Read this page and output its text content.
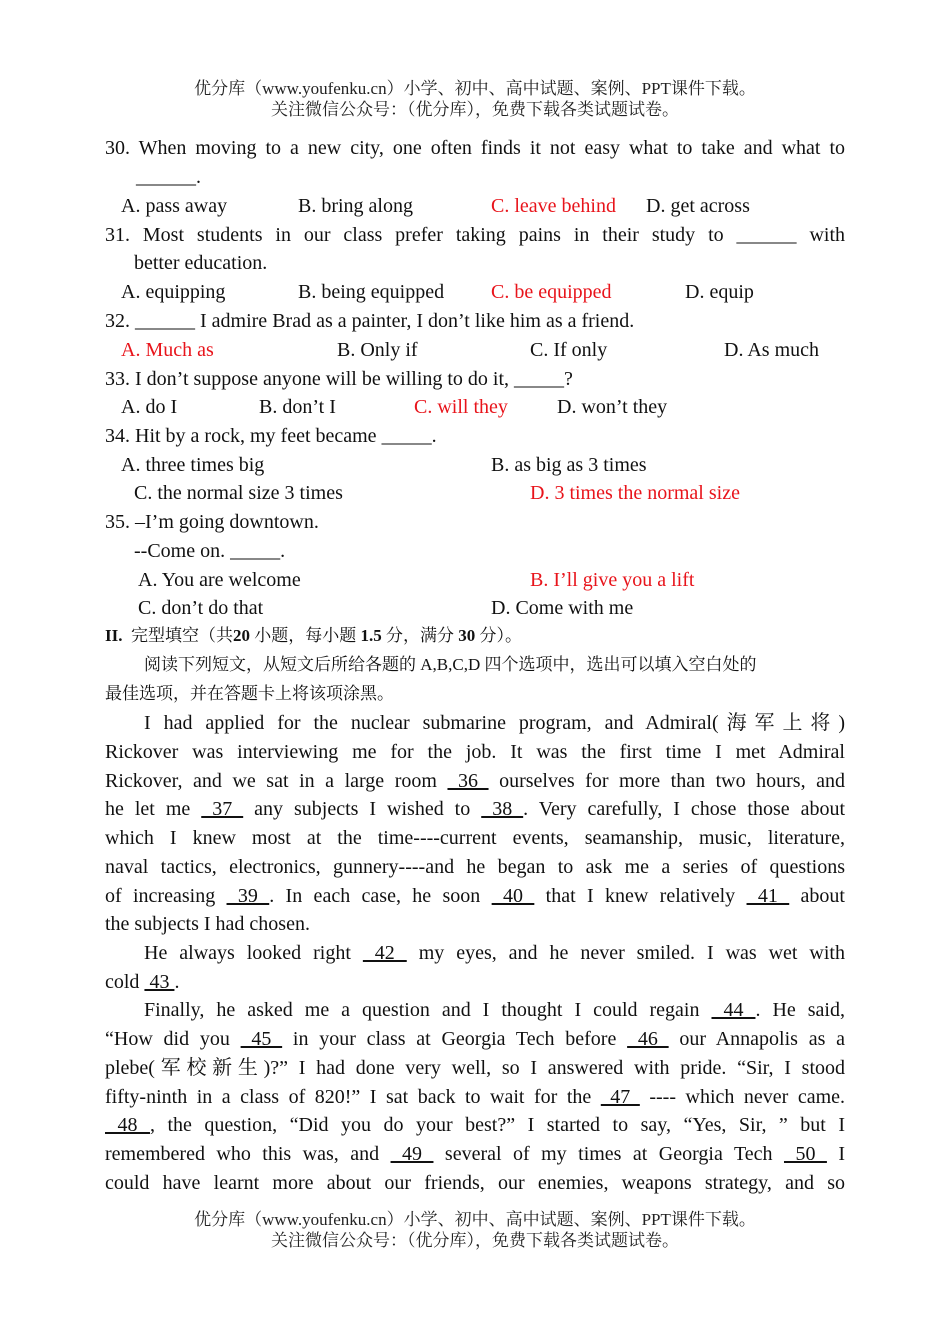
优分库（www.youfenku.cn）小学、初中、高中试题、案例、PPT课件下载。
关注微信公众号：（优分库），免费下载各类试题试卷。
30. When moving to a new city, one often finds it not easy what to take and what to
______.
A. pass away	B. bring along	C. leave behind D. get across
31. Most students in our class prefer taking pains in their study to ______ with
better education.
A. equipping	B. being equipped C. be equipped	D. equip
32. ______ I admire Brad as a painter, I don’t like him as a friend.
A. Much as	B. Only if	C. If only	D. As much
33. I don’t suppose anyone will be willing to do it, _____?
A. do I	B. don’t I	C. will they D. won’t they
34. Hit by a rock, my feet became _____.
A. three times big	B. as big as 3 times
C. the normal size 3 times	D. 3 times the normal size
35. –I’m going downtown.
--Come on. _____.
A. You are welcome	B. I’ll give you a lift
C. don’t do that	D. Come with me
II. 完型填空（共20 小题，每小题 1.5 分，满分 30 分）。
阅读下列短文，从短文后所给各题的 A,B,C,D 四个选项中，选出可以填入空白处的
最佳选项，并在答题卡上将该项涂黑。
I had applied for the nuclear submarine program, and Admiral(海军上将)
Rickover was interviewing me for the job. It was the first time I met Admiral
Rickover, and we sat in a large room  36  ourselves for more than two hours, and
he let me  37  any subjects I wished to  38 . Very carefully, I chose those about
which I knew most at the time----current events, seamanship, music, literature,
naval tactics, electronics, gunnery----and he began to ask me a series of questions
of increasing  39 . In each case, he soon  40  that I knew relatively  41  about
the subjects I had chosen.
He always looked right  42  my eyes, and he never smiled. I was wet with
cold  43 .
Finally, he asked me a question and I thought I could regain  44 . He said,
“How did you  45  in your class at Georgia Tech before  46  our Annapolis as a
plebe(军校新生)?” I had done very well, so I answered with pride. “Sir, I stood
fifty-ninth in a class of 820!” I sat back to wait for the  47  ---- which never came.
48 , the question, “Did you do your best?” I started to say, “Yes, Sir, ” but I
remembered who this was, and  49  several of my times at Georgia Tech  50  I
could have learnt more about our friends, our enemies, weapons strategy, and so
优分库（www.youfenku.cn）小学、初中、高中试题、案例、PPT课件下载。
关注微信公众号：（优分库），免费下载各类试题试卷。
